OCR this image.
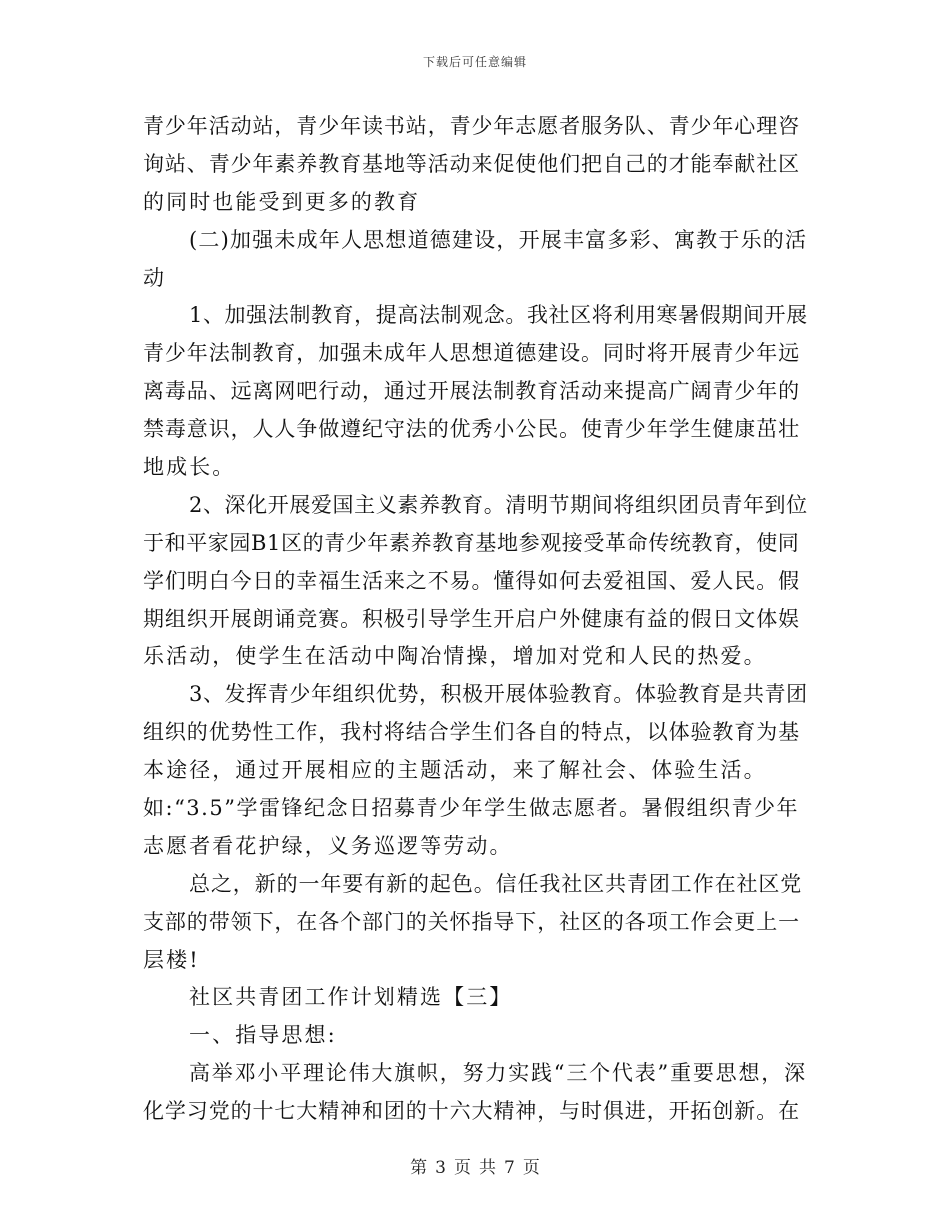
下载后可任意编辑
青少年活动站，青少年读书站，青少年志愿者服务队、青少年心理咨
询站、青少年素养教育基地等活动来促使他们把自己的才能奉献社区
的同时也能受到更多的教育
(二)加强未成年人思想道德建设，开展丰富多彩、寓教于乐的活
动
1、加强法制教育，提高法制观念。我社区将利用寒暑假期间开展
青少年法制教育，加强未成年人思想道德建设。同时将开展青少年远
离毒品、远离网吧行动，通过开展法制教育活动来提高广阔青少年的
禁毒意识，人人争做遵纪守法的优秀小公民。使青少年学生健康茁壮
地成长。
2、深化开展爱国主义素养教育。清明节期间将组织团员青年到位
于和平家园B1区的青少年素养教育基地参观接受革命传统教育，使同
学们明白今日的幸福生活来之不易。懂得如何去爱祖国、爱人民。假
期组织开展朗诵竞赛。积极引导学生开启户外健康有益的假日文体娱
乐活动，使学生在活动中陶冶情操，增加对党和人民的热爱。
3、发挥青少年组织优势，积极开展体验教育。体验教育是共青团
组织的优势性工作，我村将结合学生们各自的特点，以体验教育为基
本途径，通过开展相应的主题活动，来了解社会、体验生活。
如:“3.5”学雷锋纪念日招募青少年学生做志愿者。暑假组织青少年
志愿者看花护绿，义务巡逻等劳动。
总之，新的一年要有新的起色。信任我社区共青团工作在社区党
支部的带领下，在各个部门的关怀指导下，社区的各项工作会更上一
层楼!
社区共青团工作计划精选【三】
一、指导思想:
高举邓小平理论伟大旗帜，努力实践“三个代表”重要思想，深
化学习党的十七大精神和团的十六大精神，与时俱进，开拓创新。在
第 3 页 共 7 页
